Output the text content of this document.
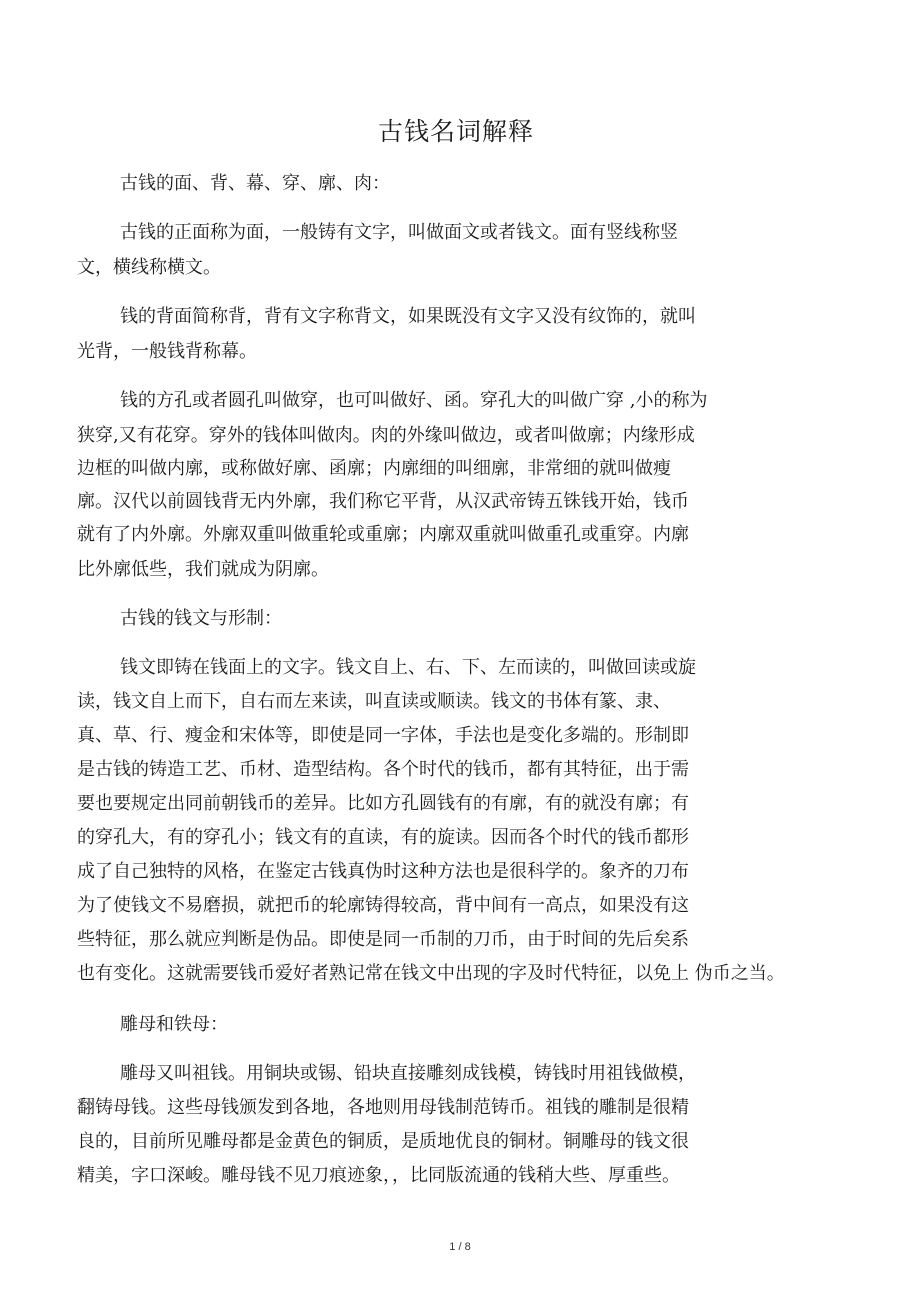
古钱名词解释
古钱的面、背、幕、穿、廓、肉：
古钱的正面称为面，一般铸有文字，叫做面文或者钱文。面有竖线称竖
文，横线称横文。
钱的背面简称背，背有文字称背文，如果既没有文字又没有纹饰的，就叫
光背，一般钱背称幕。
钱的方孔或者圆孔叫做穿，也可叫做好、函。穿孔大的叫做广穿 ,小的称为
狭穿,又有花穿。穿外的钱体叫做肉。肉的外缘叫做边，或者叫做廓；内缘形成
边框的叫做内廓，或称做好廓、函廓；内廓细的叫细廓，非常细的就叫做瘦
廓。汉代以前圆钱背无内外廓，我们称它平背，从汉武帝铸五铢钱开始，钱币
就有了内外廓。外廓双重叫做重轮或重廓；内廓双重就叫做重孔或重穿。内廓
比外廓低些，我们就成为阴廓。
古钱的钱文与形制：
钱文即铸在钱面上的文字。钱文自上、右、下、左而读的，叫做回读或旋
读，钱文自上而下，自右而左来读，叫直读或顺读。钱文的书体有篆、隶、
真、草、行、瘦金和宋体等，即使是同一字体，手法也是变化多端的。形制即
是古钱的铸造工艺、币材、造型结构。各个时代的钱币，都有其特征，出于需
要也要规定出同前朝钱币的差异。比如方孔圆钱有的有廓，有的就没有廓；有
的穿孔大，有的穿孔小；钱文有的直读，有的旋读。因而各个时代的钱币都形
成了自己独特的风格，在鉴定古钱真伪时这种方法也是很科学的。象齐的刀布
为了使钱文不易磨损，就把币的轮廓铸得较高，背中间有一高点，如果没有这
些特征，那么就应判断是伪品。即使是同一币制的刀币，由于时间的先后矣系
也有变化。这就需要钱币爱好者熟记常在钱文中出现的字及时代特征，以免上 伪币之当。
雕母和铁母：
雕母又叫祖钱。用铜块或锡、铅块直接雕刻成钱模，铸钱时用祖钱做模，
翻铸母钱。这些母钱颁发到各地，各地则用母钱制范铸币。祖钱的雕制是很精
良的，目前所见雕母都是金黄色的铜质，是质地优良的铜材。铜雕母的钱文很
精美，字口深峻。雕母钱不见刀痕迹象，，比同版流通的钱稍大些、厚重些。
1 / 8
